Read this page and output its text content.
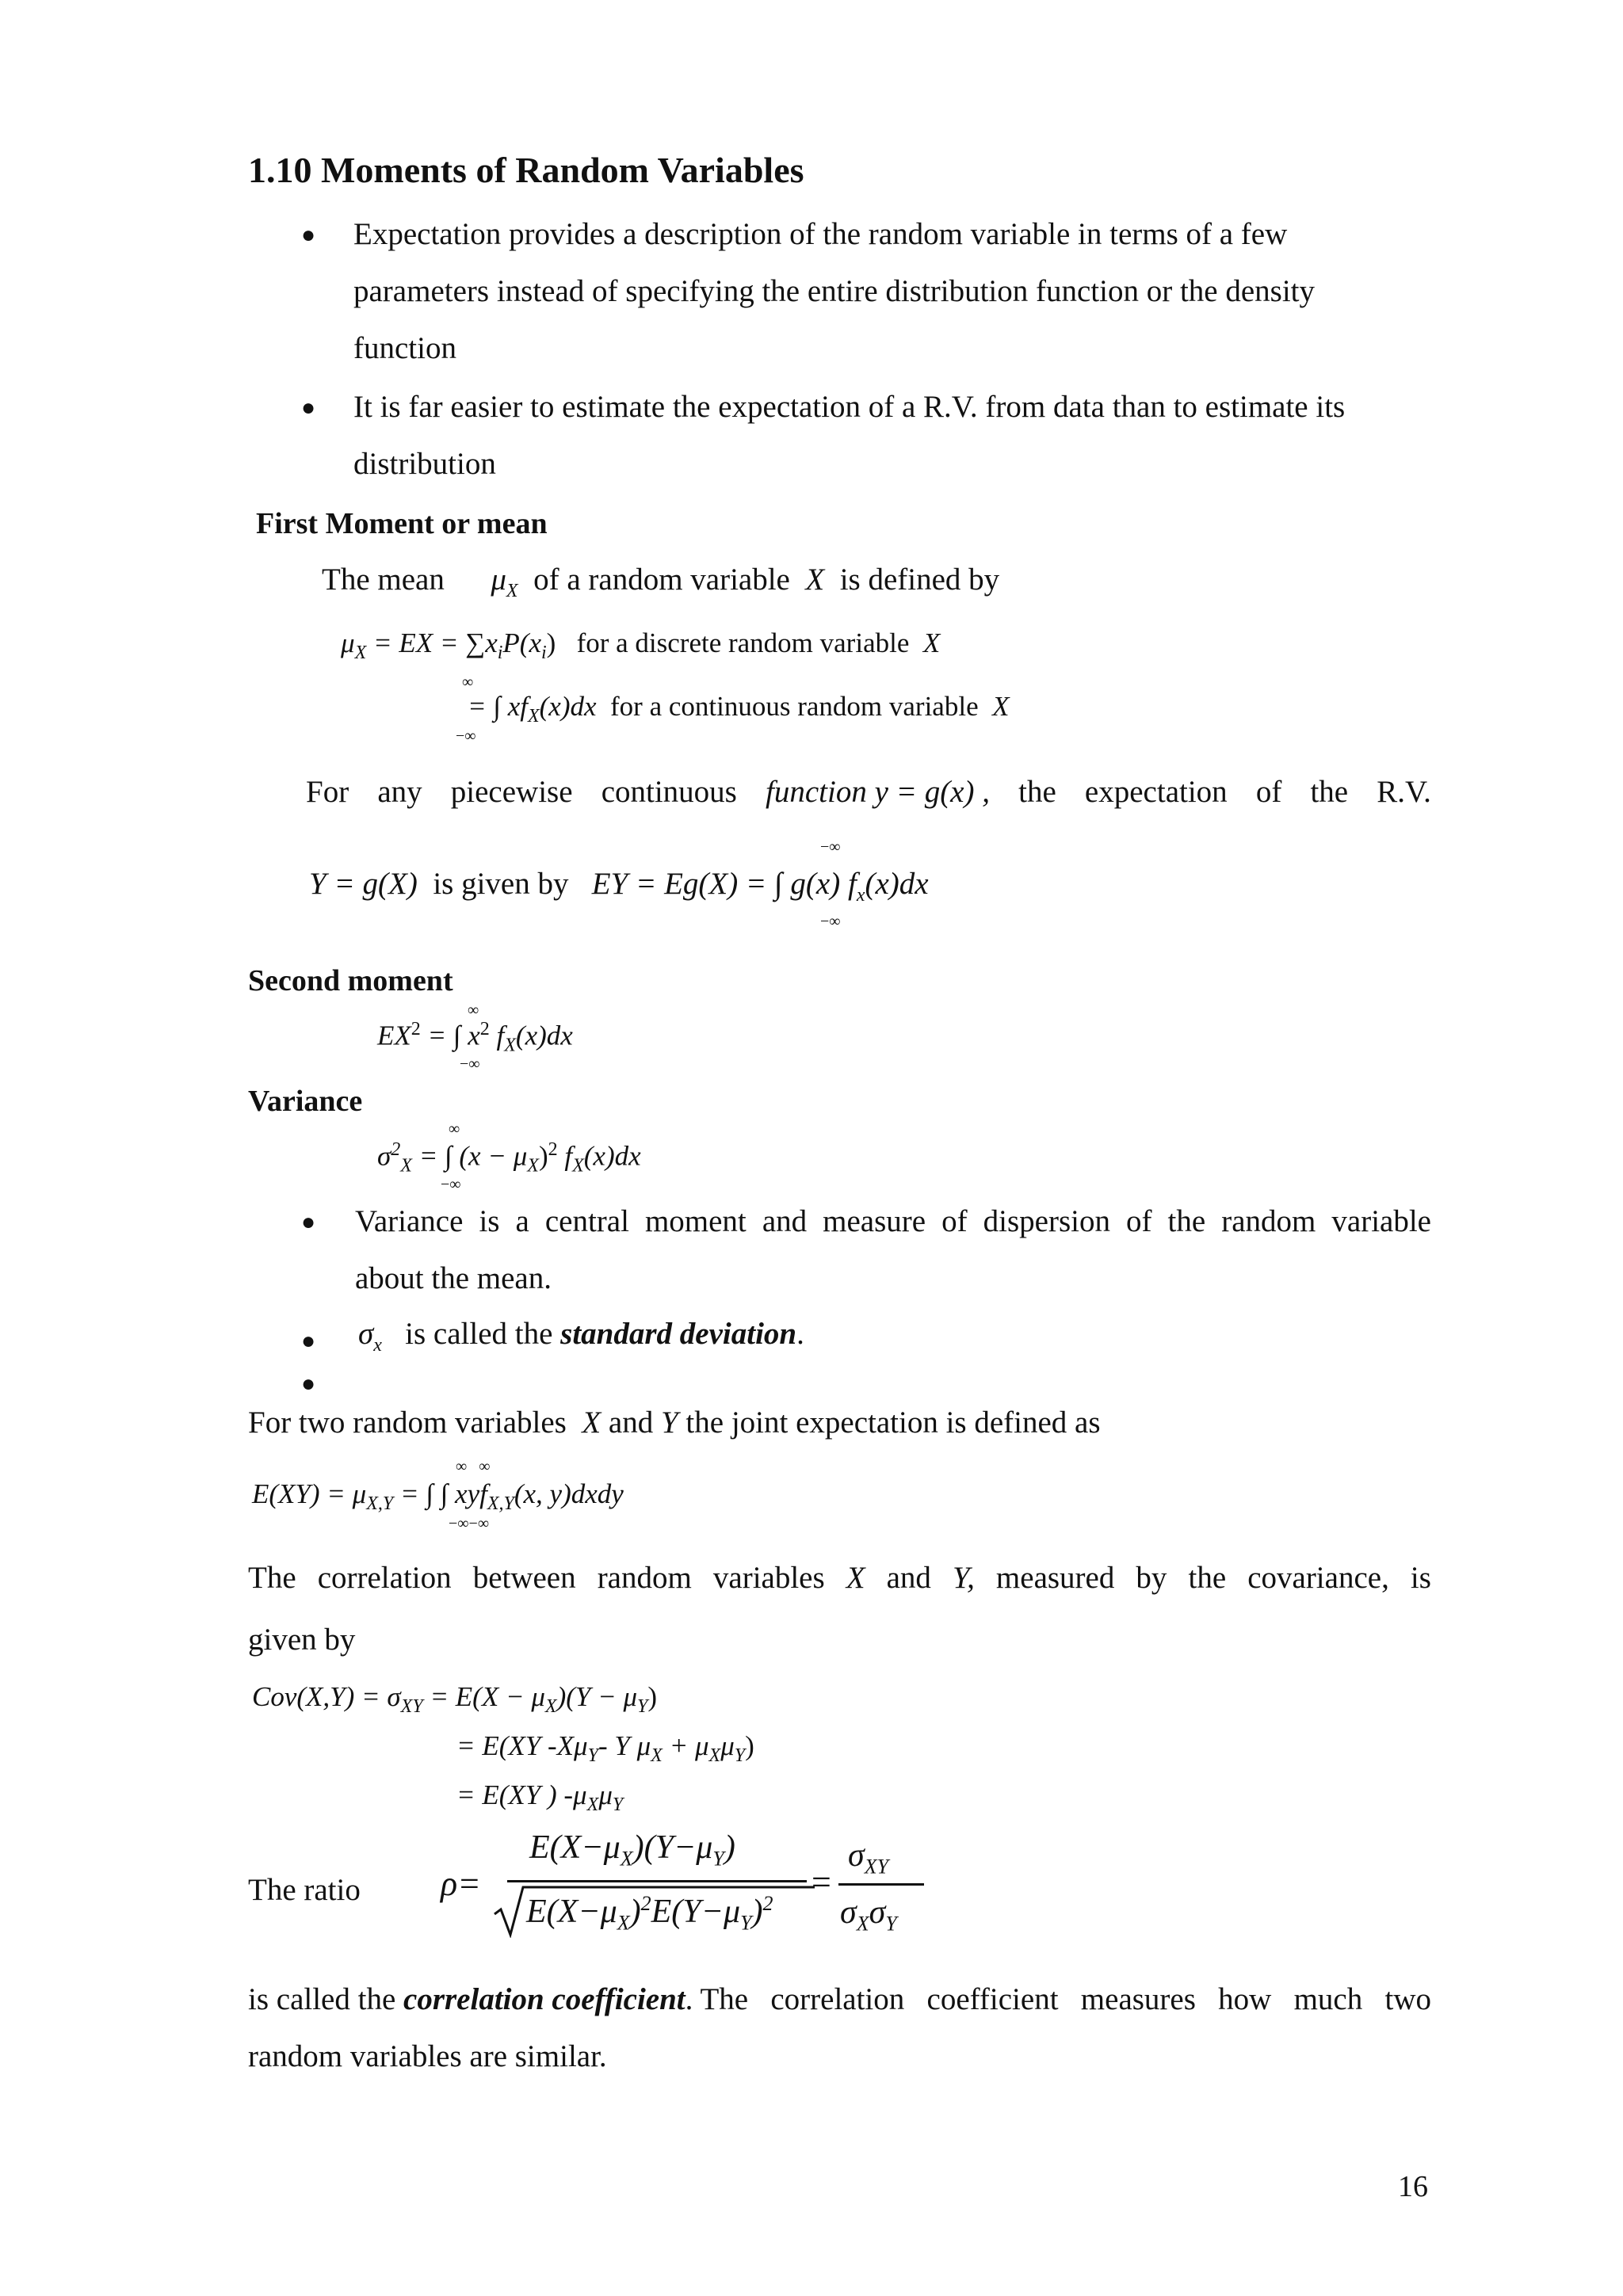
1.10 Moments of Random Variables
● Expectation provides a description of the random variable in terms of a few
parameters instead of specifying the entire distribution function or the density
function
● It is far easier to estimate the expectation of a R.V. from data than to estimate its
distribution
First Moment or mean
The mean $\mu_X$ of a random variable X is defined by
$\mu_X$ = EX = $\sum x_iP(x_i)$ for a discrete random variable X
∞
= ∫ $xf_X(x)dx$ for a continuous random variable X
−∞
For any piecewise continuous function y = g(x) , the expectation of the R.V.
−∞
Y = g(X) is given by EY = Eg(X) = ∫ g(x) $f_x(x)dx$
−∞
Second moment
∞
$EX^2$ = ∫ $x^2$ $f_X(x)dx$
−∞
Variance
∞
$\sigma^2_X$ = ∫ $(x - \mu_X)^2$ $f_X(x)dx$
−∞
● Variance is a central moment and measure of dispersion of the random variable
about the mean.
● $\sigma_x$ is called the standard deviation.
●
For two random variables X and Y the joint expectation is defined as
∞ ∞
$E(XY) = \mu_{X,Y}$ = ∫ ∫ xyf$_{X,Y}$(x, y)dxdy
−∞−∞
The correlation between random variables X and Y, measured by the covariance, is
given by
$Cov(X,Y) = \sigma_{XY} = E(X - \mu_X)(Y - \mu_Y)$
= E(XY $-X\mu_Y-$ Y $\mu_X + \mu_X\mu_Y$)
= E(XY ) $-\mu_X\mu_Y$
The ratio ρ=
$E(X-\mu_X)(Y-\mu_Y)$
$E(X-\mu_X)^2E(Y-\mu_Y)^2$
=
$\sigma_{XY}$
$\sigma_X\sigma_Y$
is called the correlation coefficient. The correlation coefficient measures how much two
random variables are similar.
16
